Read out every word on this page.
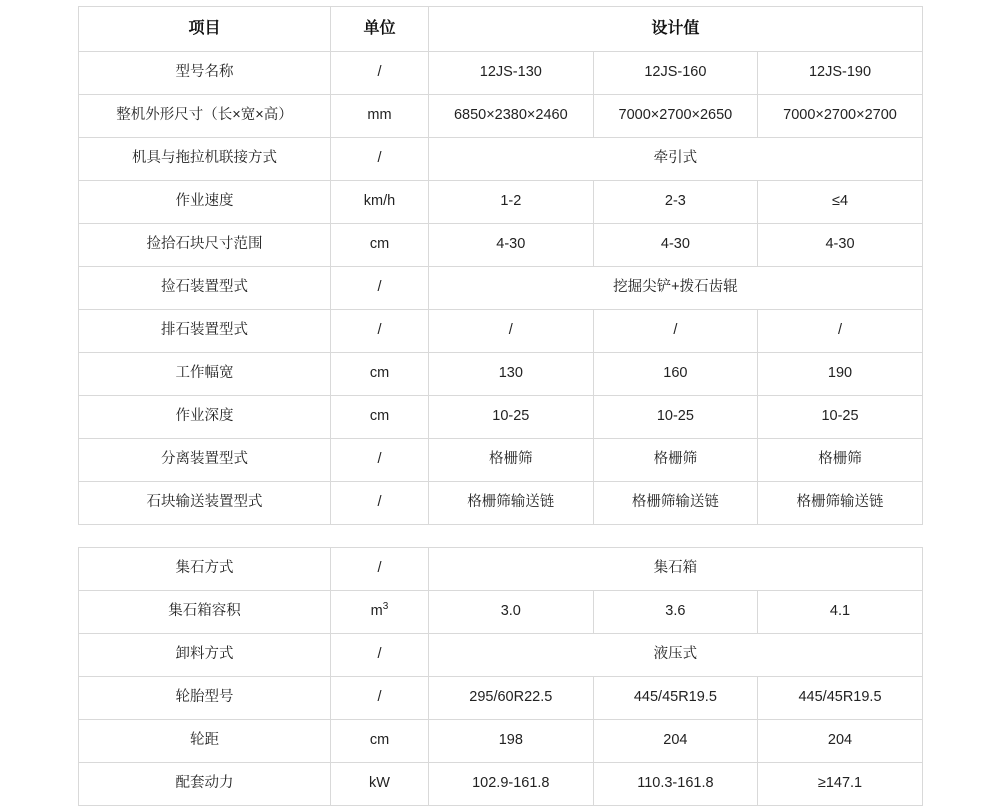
项目	单位	设计值		

型号名称	/	12JS-130	12JS-160	12JS-190

整机外形尺寸（长×宽×高）	mm	6850×2380×2460	7000×2700×2650	7000×2700×2700

机具与拖拉机联接方式	/	牵引式		

作业速度	km/h	1-2	2-3	≤4

捡拾石块尺寸范围	cm	4-30	4-30	4-30

捡石装置型式	/	挖掘尖铲+拨石齿辊		

排石装置型式	/	/	/	/

工作幅宽	cm	130	160	190

作业深度	cm	10-25	10-25	10-25

分离装置型式	/	格栅筛	格栅筛	格栅筛

石块输送装置型式	/	格栅筛输送链	格栅筛输送链	格栅筛输送链
集石方式	/	集石箱		

集石箱容积	$m^3$	3.0	3.6	4.1

卸料方式	/	液压式		

轮胎型号	/	295/60R22.5	445/45R19.5	445/45R19.5

轮距	cm	198	204	204

配套动力	kW	102.9-161.8	110.3-161.8	≥147.1
